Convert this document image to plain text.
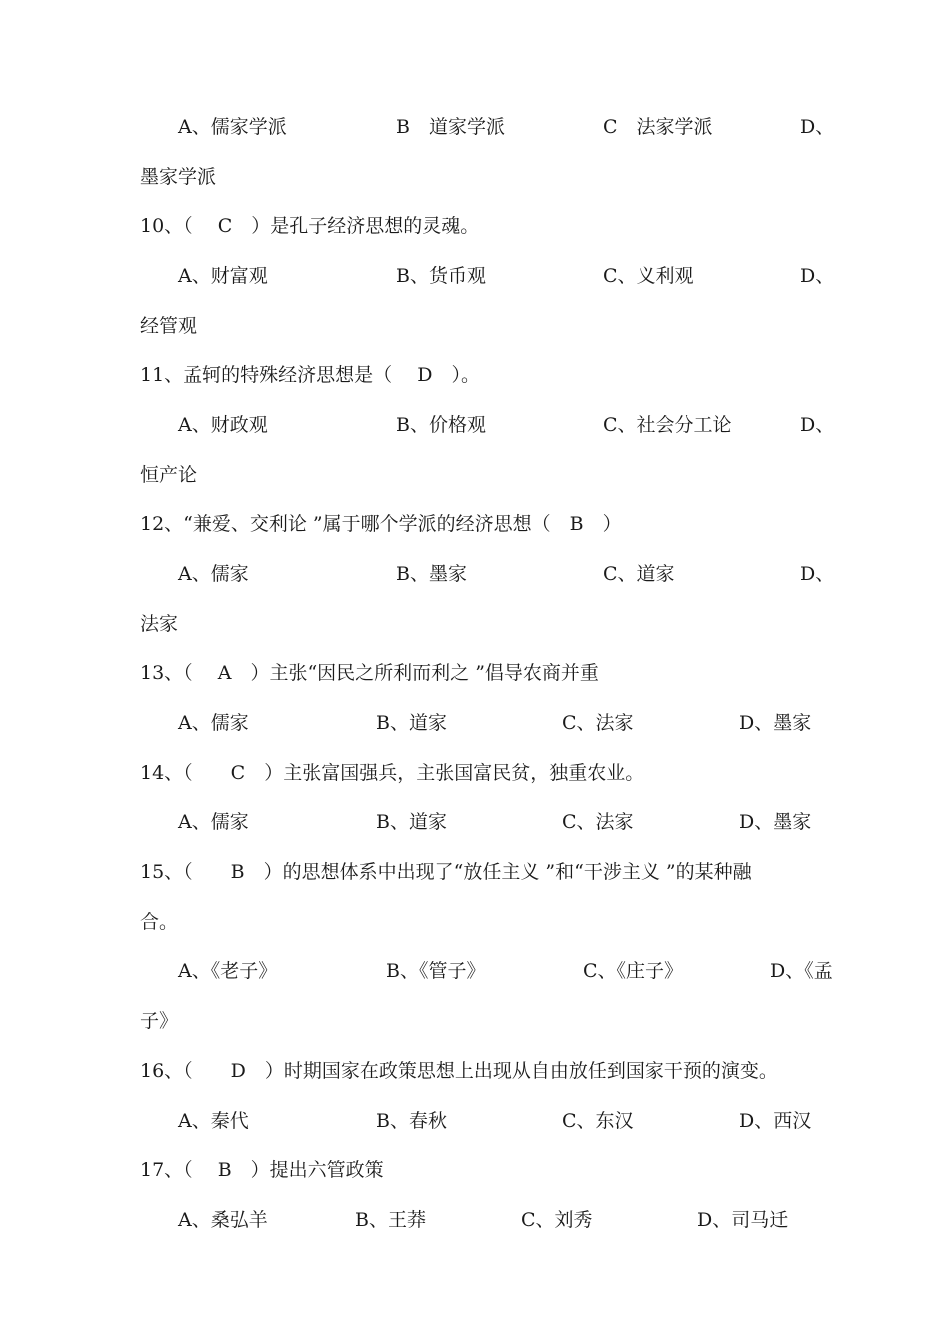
A、儒家学派	B　道家学派	C　法家学派	D、
墨家学派
10、（　 C　）是孔子经济思想的灵魂。
A、财富观	B、货币观	C、义利观	D、
经管观
11、孟轲的特殊经济思想是（　 D　）。
A、财政观	B、价格观	C、社会分工论	D、
恒产论
12、“兼爱、交利论 ”属于哪个学派的经济思想（　B　）
A、儒家	B、墨家	C、道家	D、
法家
13、（　 A　）主张“因民之所利而利之 ”倡导农商并重
A、儒家	B、道家	C、法家	D、墨家
14、（　　C　）主张富国强兵，主张国富民贫，独重农业。
A、儒家	B、道家	C、法家	D、墨家
15、（　　B　）的思想体系中出现了“放任主义 ”和“干涉主义 ”的某种融
合。
A、《老子》	B、《管子》	C、《庄子》	D、《孟
子》
16、（　　D　）时期国家在政策思想上出现从自由放任到国家干预的演变。
A、秦代	B、春秋	C、东汉	D、西汉
17、（　 B　）提出六管政策
A、桑弘羊	B、王莽	C、刘秀	D、司马迁
